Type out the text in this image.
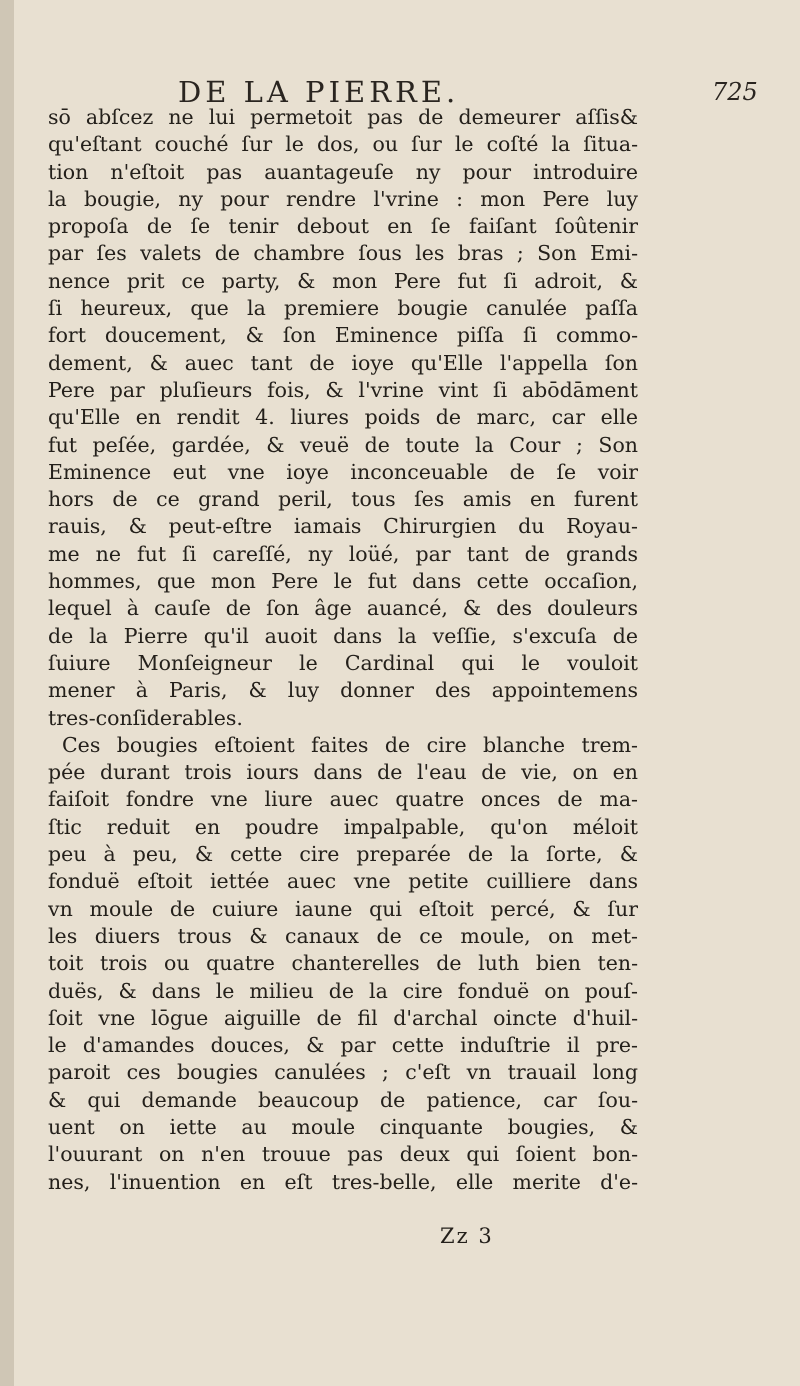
DE LA PIERRE.	725
sō abſcez ne lui permetoit pas de demeurer aſſis&
qu'eſtant couché ſur le dos, ou ſur le coſté la ſitua-
tion n'eſtoit pas auantageuſe ny pour introduire
la bougie, ny pour rendre l'vrine : mon Pere luy
propoſa de ſe tenir debout en ſe faiſant ſoûtenir
par ſes valets de chambre ſous les bras ; Son Emi-
nence prit ce party, & mon Pere fut ſi adroit, &
ſi heureux, que la premiere bougie canulée paſſa
fort doucement, & ſon Eminence piſſa ſi commo-
dement, & auec tant de ioye qu'Elle l'appella ſon
Pere par pluſieurs fois, & l'vrine vint ſi abōdāment
qu'Elle en rendit 4. liures poids de marc, car elle
fut peſée, gardée, & veuë de toute la Cour ; Son
Eminence eut vne ioye inconceuable de ſe voir
hors de ce grand peril, tous ſes amis en furent
rauis, & peut-eſtre iamais Chirurgien du Royau-
me ne fut ſi careſſé, ny loüé, par tant de grands
hommes, que mon Pere le fut dans cette occaſion,
lequel à cauſe de ſon âge auancé, & des douleurs
de la Pierre qu'il auoit dans la veſſie, s'excuſa de
ſuiure Monſeigneur le Cardinal qui le vouloit
mener à Paris, & luy donner des appointemens
tres-conſiderables.
Ces bougies eſtoient faites de cire blanche trem-
pée durant trois iours dans de l'eau de vie, on en
faiſoit fondre vne liure auec quatre onces de ma-
ſtic reduit en poudre impalpable, qu'on méloit
peu à peu, & cette cire preparée de la ſorte, &
fonduë eſtoit iettée auec vne petite cuilliere dans
vn moule de cuiure iaune qui eſtoit percé, & ſur
les diuers trous & canaux de ce moule, on met-
toit trois ou quatre chanterelles de luth bien ten-
duës, & dans le milieu de la cire fonduë on pouſ-
ſoit vne lōgue aiguille de fil d'archal oincte d'huil-
le d'amandes douces, & par cette induſtrie il pre-
paroit ces bougies canulées ; c'eſt vn trauail long
& qui demande beaucoup de patience, car ſou-
uent on iette au moule cinquante bougies, &
l'ouurant on n'en trouue pas deux qui ſoient bon-
nes, l'inuention en eſt tres-belle, elle merite d'e-
Zz 3
